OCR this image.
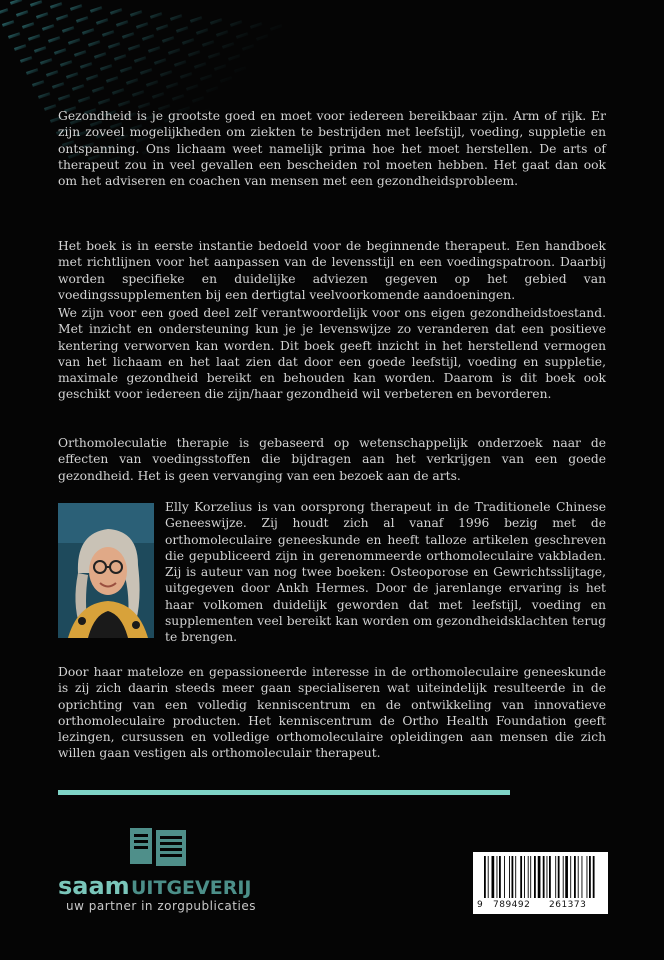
Gezondheid is je grootste goed en moet voor iedereen bereikbaar zijn. Arm of rijk. Er zijn zoveel mogelijkheden om ziekten te bestrijden met leefstijl, voeding, suppletie en ontspanning. Ons lichaam weet namelijk prima hoe het moet herstellen. De arts of therapeut zou in veel gevallen een bescheiden rol moeten hebben. Het gaat dan ook om het adviseren en coachen van mensen met een gezondheidsprobleem.

Het boek is in eerste instantie bedoeld voor de beginnende therapeut. Een handboek met richtlijnen voor het aanpassen van de levensstijl en een voedingspatroon. Daarbij worden specifieke en duidelijke adviezen gegeven op het gebied van voedingssupplementen bij een dertigtal veelvoorkomende aandoeningen.

We zijn voor een goed deel zelf verantwoordelijk voor ons eigen gezondheidstoestand. Met inzicht en ondersteuning kun je je levenswijze zo veranderen dat een positieve kentering verworven kan worden. Dit boek geeft inzicht in het herstellend vermogen van het lichaam en het laat zien dat door een goede leefstijl, voeding en suppletie, maximale gezondheid bereikt en behouden kan worden. Daarom is dit boek ook geschikt voor iedereen die zijn/haar gezondheid wil verbeteren en bevorderen.

Orthomoleculatie therapie is gebaseerd op wetenschappelijk onderzoek naar de effecten van voedingsstoffen die bijdragen aan het verkrijgen van een goede gezondheid. Het is geen vervanging van een bezoek aan de arts.

Elly Korzelius is van oorsprong therapeut in de Traditionele Chinese Geneeswijze. Zij houdt zich al vanaf 1996 bezig met de orthomoleculaire geneeskunde en heeft talloze artikelen geschreven die gepubliceerd zijn in gerenommeerde orthomoleculaire vakbladen. Zij is auteur van nog twee boeken: Osteoporose en Gewrichtsslijtage, uitgegeven door Ankh Hermes. Door de jarenlange ervaring is het haar volkomen duidelijk geworden dat met leefstijl, voeding en supplementen veel bereikt kan worden om gezondheidsklachten terug te brengen.

Door haar mateloze en gepassioneerde interesse in de orthomoleculaire geneeskunde is zij zich daarin steeds meer gaan specialiseren wat uiteindelijk resulteerde in de oprichting van een volledig kenniscentrum en de ontwikkeling van innovatieve orthomoleculaire producten. Het kenniscentrum de Ortho Health Foundation geeft lezingen, cursussen en volledige orthomoleculaire opleidingen aan mensen die zich willen gaan vestigen als orthomoleculair therapeut.

saam UITGEVERIJ
uw partner in zorgpublicaties	9 789492 261373
